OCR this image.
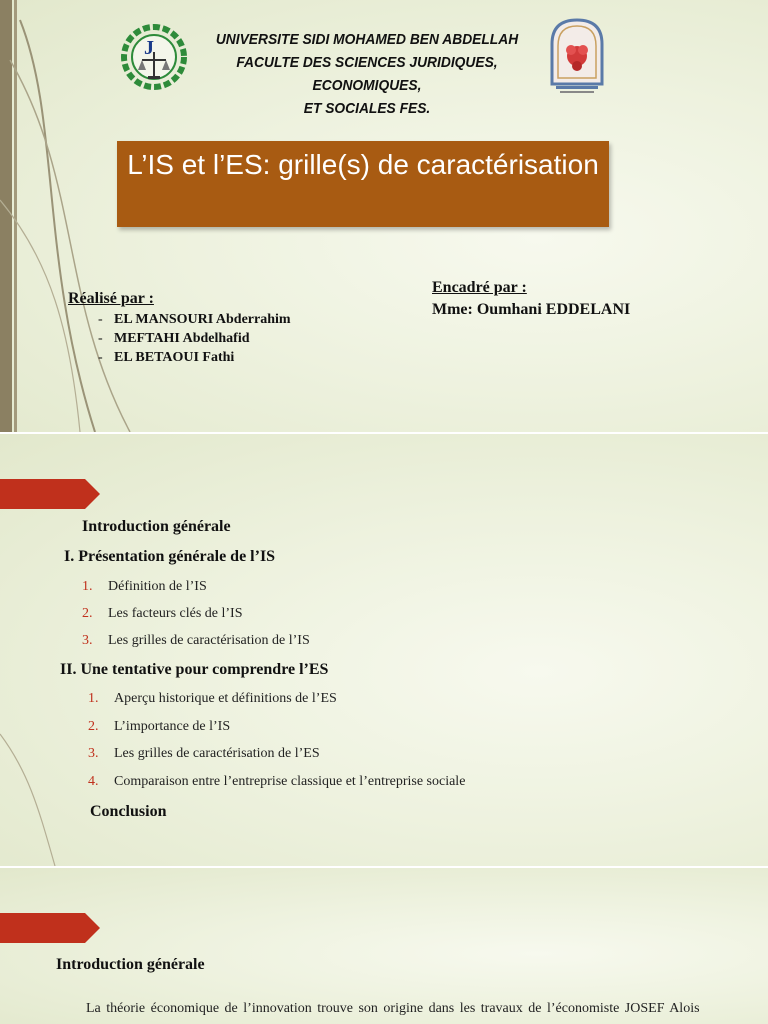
J	UNIVERSITE SIDI MOHAMED BEN ABDELLAH
FACULTE DES SCIENCES JURIDIQUES, ECONOMIQUES,
ET SOCIALES FES.
L’IS et l’ES: grille(s) de caractérisation
Réalisé par :
- EL MANSOURI Abderrahim
- MEFTAHI Abdelhafid
- EL BETAOUI Fathi
Encadré par :
Mme: Oumhani EDDELANI
Introduction générale
I. Présentation générale de l’IS
1. Définition de l’IS
2. Les facteurs clés de l’IS
3. Les grilles de caractérisation de l’IS
II. Une tentative pour comprendre l’ES
1. Aperçu historique et définitions de l’ES
2. L’importance de l’IS
3. Les grilles de caractérisation de l’ES
4. Comparaison entre l’entreprise classique et l’entreprise sociale
Conclusion
Introduction générale
La théorie économique de l’innovation trouve son origine dans les travaux de l’économiste JOSEF Alois
